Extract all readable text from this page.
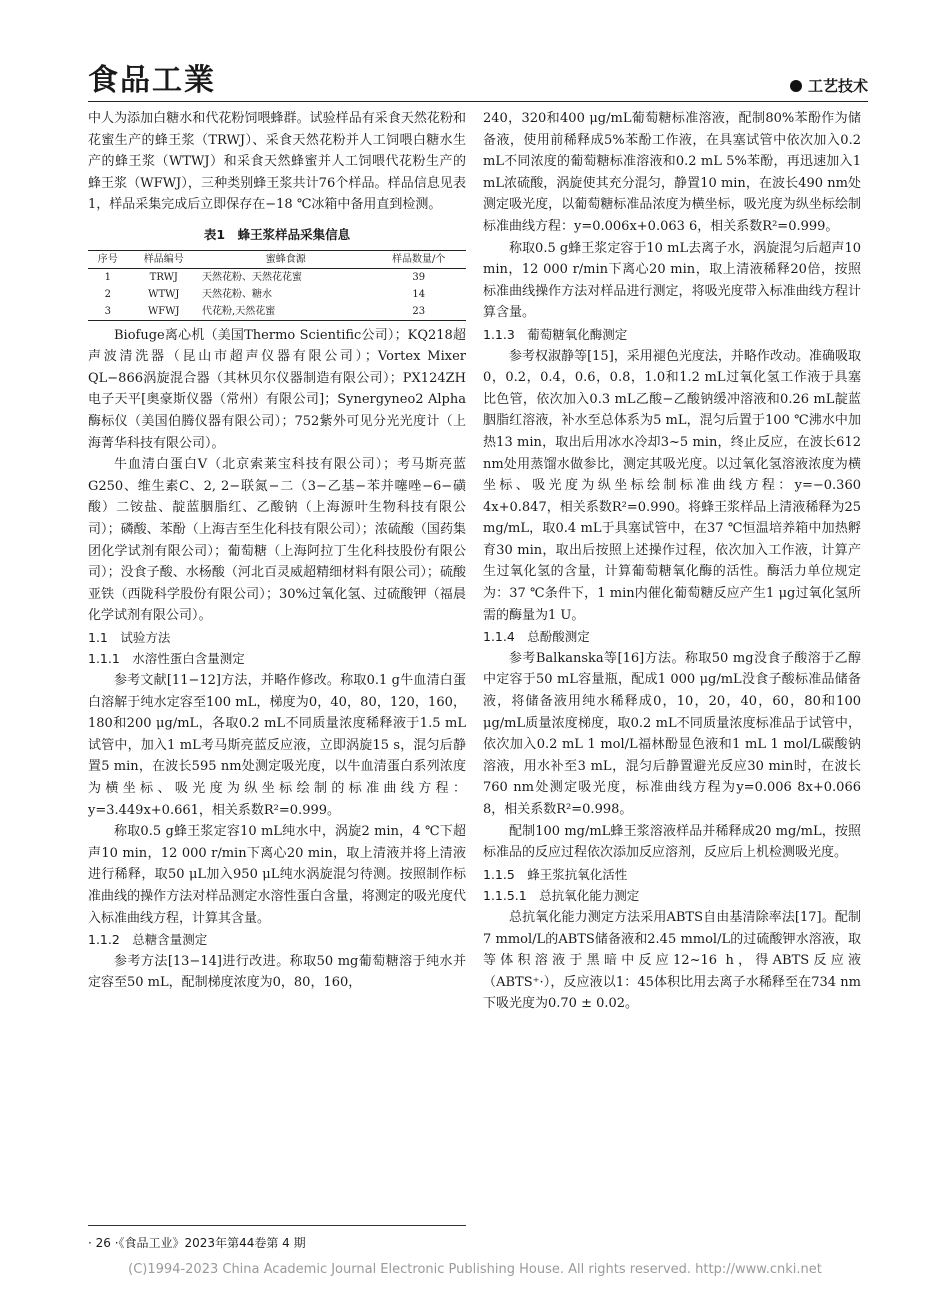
食品工業	工艺技术

中人为添加白糖水和代花粉饲喂蜂群。试验样品有采食天然花粉和花蜜生产的蜂王浆（TRWJ）、采食天然花粉并人工饲喂白糖水生产的蜂王浆（WTWJ）和采食天然蜂蜜并人工饲喂代花粉生产的蜂王浆（WFWJ），三种类别蜂王浆共计76个样品。样品信息见表1，样品采集完成后立即保存在−18 ℃冰箱中备用直到检测。

表1　蜂王浆样品采集信息
序号	样品编号	蜜蜂食源	样品数量/个
1	TRWJ	天然花粉、天然花花蜜	39
2	WTWJ	天然花粉、糖水	14
3	WFWJ	代花粉,天然花蜜	23

Biofuge离心机（美国Thermo Scientific公司）；KQ218超声波清洗器（昆山市超声仪器有限公司）；Vortex Mixer QL−866涡旋混合器（其林贝尔仪器制造有限公司）；PX124ZH电子天平[奥豪斯仪器（常州）有限公司]；Synergyneo2 Alpha酶标仪（美国伯腾仪器有限公司）；752紫外可见分光光度计（上海菁华科技有限公司）。

牛血清白蛋白Ⅴ（北京索莱宝科技有限公司）；考马斯亮蓝G250、维生素C、2, 2−联氮−二（3−乙基−苯并噻唑−6−磺酸）二铵盐、靛蓝胭脂红、乙酸钠（上海源叶生物科技有限公司）；磷酸、苯酚（上海吉至生化科技有限公司）；浓硫酸（国药集团化学试剂有限公司）；葡萄糖（上海阿拉丁生化科技股份有限公司）；没食子酸、水杨酸（河北百灵威超精细材料有限公司）；硫酸亚铁（西陇科学股份有限公司）；30%过氧化氢、过硫酸钾（福晨化学试剂有限公司）。

1.1　试验方法

1.1.1　水溶性蛋白含量测定

参考文献[11−12]方法，并略作修改。称取0.1 g牛血清白蛋白溶解于纯水定容至100 mL，梯度为0，40，80，120，160，180和200 μg/mL，各取0.2 mL不同质量浓度稀释液于1.5 mL试管中，加入1 mL考马斯亮蓝反应液，立即涡旋15 s，混匀后静置5 min，在波长595 nm处测定吸光度，以牛血清蛋白系列浓度为横坐标、吸光度为纵坐标绘制的标准曲线方程：y=3.449x+0.661，相关系数R²=0.999。

称取0.5 g蜂王浆定容10 mL纯水中，涡旋2 min，4 ℃下超声10 min，12 000 r/min下离心20 min，取上清液并将上清液进行稀释，取50 μL加入950 μL纯水涡旋混匀待测。按照制作标准曲线的操作方法对样品测定水溶性蛋白含量，将测定的吸光度代入标准曲线方程，计算其含量。

1.1.2　总糖含量测定

参考方法[13−14]进行改进。称取50 mg葡萄糖溶于纯水并定容至50 mL，配制梯度浓度为0，80，160，

240，320和400 μg/mL葡萄糖标准溶液，配制80%苯酚作为储备液，使用前稀释成5%苯酚工作液，在具塞试管中依次加入0.2 mL不同浓度的葡萄糖标准溶液和0.2 mL 5%苯酚，再迅速加入1 mL浓硫酸，涡旋使其充分混匀，静置10 min，在波长490 nm处测定吸光度，以葡萄糖标准品浓度为横坐标，吸光度为纵坐标绘制标准曲线方程：y=0.006x+0.063 6，相关系数R²=0.999。

称取0.5 g蜂王浆定容于10 mL去离子水，涡旋混匀后超声10 min，12 000 r/min下离心20 min，取上清液稀释20倍，按照标准曲线操作方法对样品进行测定，将吸光度带入标准曲线方程计算含量。

1.1.3　葡萄糖氧化酶测定

参考权淑静等[15]，采用褪色光度法，并略作改动。准确吸取0，0.2，0.4，0.6，0.8，1.0和1.2 mL过氧化氢工作液于具塞比色管，依次加入0.3 mL乙酸−乙酸钠缓冲溶液和0.26 mL靛蓝胭脂红溶液，补水至总体系为5 mL，混匀后置于100 ℃沸水中加热13 min，取出后用冰水冷却3~5 min，终止反应，在波长612 nm处用蒸馏水做参比，测定其吸光度。以过氧化氢溶液浓度为横坐标、吸光度为纵坐标绘制标准曲线方程：y=−0.360 4x+0.847，相关系数R²=0.990。将蜂王浆样品上清液稀释为25 mg/mL，取0.4 mL于具塞试管中，在37 ℃恒温培养箱中加热孵育30 min，取出后按照上述操作过程，依次加入工作液，计算产生过氧化氢的含量，计算葡萄糖氧化酶的活性。酶活力单位规定为：37 ℃条件下，1 min内催化葡萄糖反应产生1 μg过氧化氢所需的酶量为1 U。

1.1.4　总酚酸测定

参考Balkanska等[16]方法。称取50 mg没食子酸溶于乙醇中定容于50 mL容量瓶，配成1 000 μg/mL没食子酸标准品储备液，将储备液用纯水稀释成0，10，20，40，60，80和100 μg/mL质量浓度梯度，取0.2 mL不同质量浓度标准品于试管中，依次加入0.2 mL 1 mol/L福林酚显色液和1 mL 1 mol/L碳酸钠溶液，用水补至3 mL，混匀后静置避光反应30 min时，在波长760 nm处测定吸光度，标准曲线方程为y=0.006 8x+0.066 8，相关系数R²=0.998。

配制100 mg/mL蜂王浆溶液样品并稀释成20 mg/mL，按照标准品的反应过程依次添加反应溶剂，反应后上机检测吸光度。

1.1.5　蜂王浆抗氧化活性

1.1.5.1　总抗氧化能力测定

总抗氧化能力测定方法采用ABTS自由基清除率法[17]。配制7 mmol/L的ABTS储备液和2.45 mmol/L的过硫酸钾水溶液，取等体积溶液于黑暗中反应12~16 h，得ABTS反应液（ABTS⁺·），反应液以1：45体积比用去离子水稀释至在734 nm下吸光度为0.70 ± 0.02。

· 26 ·《食品工业》2023年第44卷第 4 期
(C)1994-2023 China Academic Journal Electronic Publishing House. All rights reserved. http://www.cnki.net
